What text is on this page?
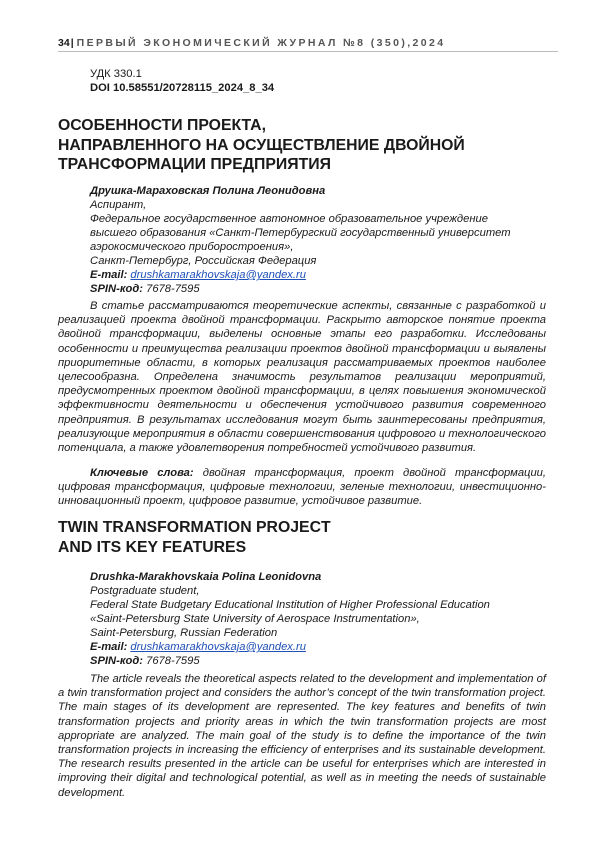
34| ПЕРВЫЙ ЭКОНОМИЧЕСКИЙ ЖУРНАЛ №8 (350),2024
УДК 330.1
DOI 10.58551/20728115_2024_8_34
ОСОБЕННОСТИ ПРОЕКТА,
НАПРАВЛЕННОГО НА ОСУЩЕСТВЛЕНИЕ ДВОЙНОЙ
ТРАНСФОРМАЦИИ ПРЕДПРИЯТИЯ
Друшка-Мараховская Полина Леонидовна
Аспирант,
Федеральное государственное автономное образовательное учреждение
высшего образования «Санкт-Петербургский государственный университет
аэрокосмического приборостроения»,
Санкт-Петербург, Российская Федерация
E-mail: drushkamarakhovskaja@yandex.ru
SPIN-код: 7678-7595

В статье рассматриваются теоретические аспекты, связанные с разработкой и реализацией проекта двойной трансформации. Раскрыто авторское понятие проекта двойной трансформации, выделены основные этапы его разработки. Исследованы особенности и преимущества реализации проектов двойной трансформации и выявлены приоритетные области, в которых реализация рассматриваемых проектов наиболее целесообразна. Определена значимость результатов реализации мероприятий, предусмотренных проектом двойной трансформации, в целях повышения экономической эффективности деятельности и обеспечения устойчивого развития современного предприятия. В результатах исследования могут быть заинтересованы предприятия, реализующие мероприятия в области совершенствования цифрового и технологического потенциала, а также удовлетворения потребностей устойчивого развития.

Ключевые слова: двойная трансформация, проект двойной трансформации, цифровая трансформация, цифровые технологии, зеленые технологии, инвестиционно-инновационный проект, цифровое развитие, устойчивое развитие.

TWIN TRANSFORMATION PROJECT
AND ITS KEY FEATURES
Drushka-Marakhovskaia Polina Leonidovna
Postgraduate student,
Federal State Budgetary Educational Institution of Higher Professional Education
«Saint-Petersburg State University of Aerospace Instrumentation»,
Saint-Petersburg, Russian Federation
E-mail: drushkamarakhovskaja@yandex.ru
SPIN-код: 7678-7595

The article reveals the theoretical aspects related to the development and implementation of a twin transformation project and considers the author’s concept of the twin transformation project. The main stages of its development are represented. The key features and benefits of twin transformation projects and priority areas in which the twin transformation projects are most appropriate are analyzed. The main goal of the study is to define the importance of the twin transformation projects in increasing the efficiency of enterprises and its sustainable development. The research results presented in the article can be useful for enterprises which are interested in improving their digital and technological potential, as well as in meeting the needs of sustainable development.
